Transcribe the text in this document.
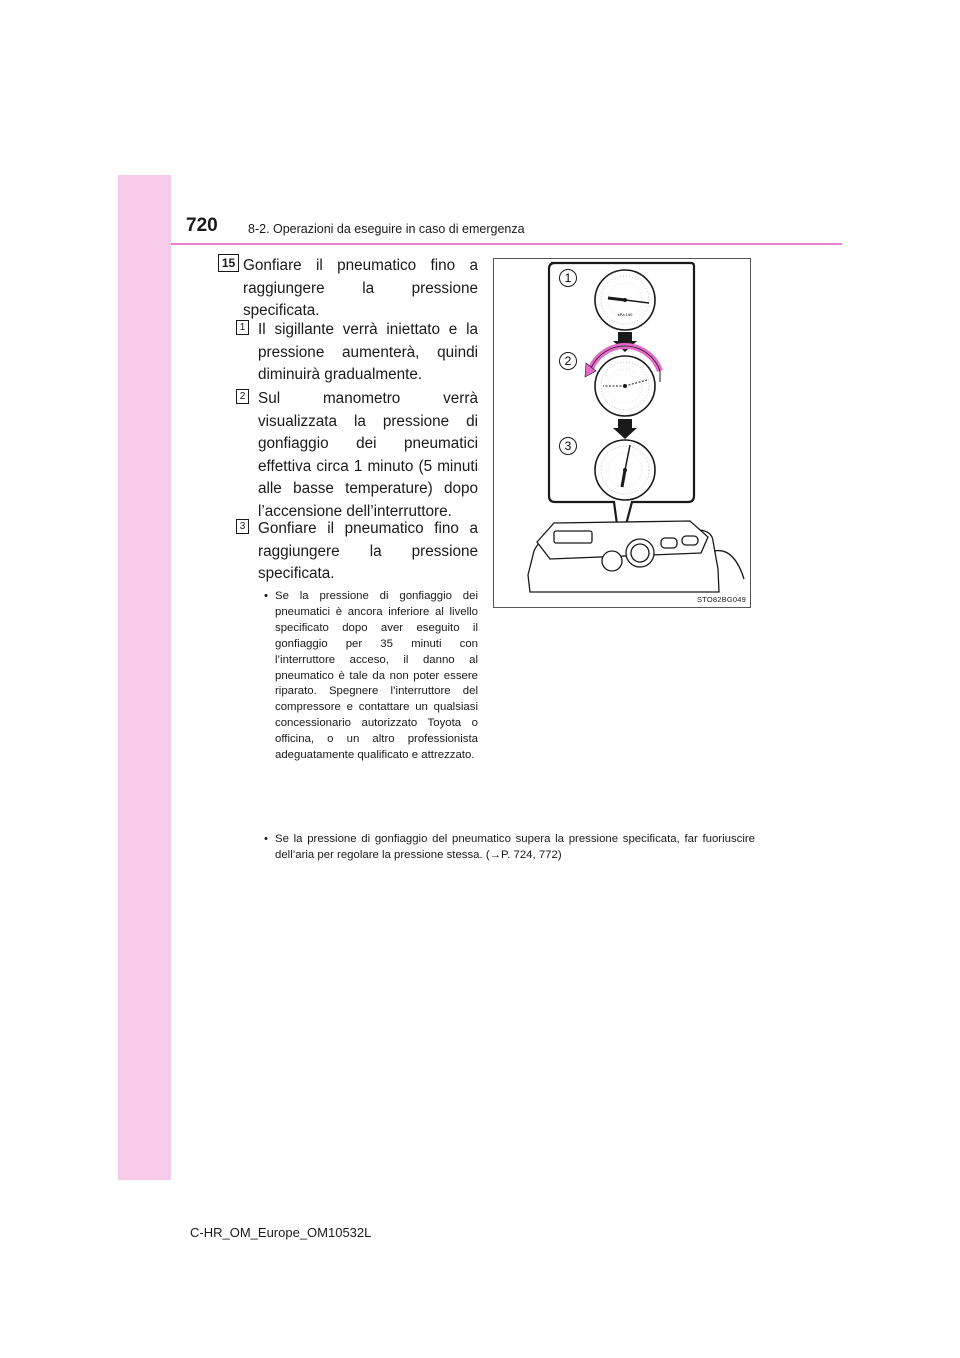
720 8-2. Operazioni da eseguire in caso di emergenza
15 Gonfiare il pneumatico fino a raggiungere la pressione specificata.
1 Il sigillante verrà iniettato e la pressione aumenterà, quindi diminuirà gradualmente.
2 Sul manometro verrà visualizzata la pressione di gonfiaggio dei pneumatici effettiva circa 1 minuto (5 minuti alle basse temperature) dopo l’accensione dell’interruttore.
3 Gonfiare il pneumatico fino a raggiungere la pressione specificata.
• Se la pressione di gonfiaggio dei pneumatici è ancora inferiore al livello specificato dopo aver eseguito il gonfiaggio per 35 minuti con l’interruttore acceso, il danno al pneumatico è tale da non poter essere riparato. Spegnere l’interruttore del compressore e contattare un qualsiasi concessionario autorizzato Toyota o officina, o un altro professionista adeguatamente qualificato e attrezzato.
• Se la pressione di gonfiaggio del pneumatico supera la pressione specificata, far fuoriuscire dell’aria per regolare la pressione stessa. (→P. 724, 772)
kPa 100
1
2
3
STO82BG049
C-HR_OM_Europe_OM10532L
